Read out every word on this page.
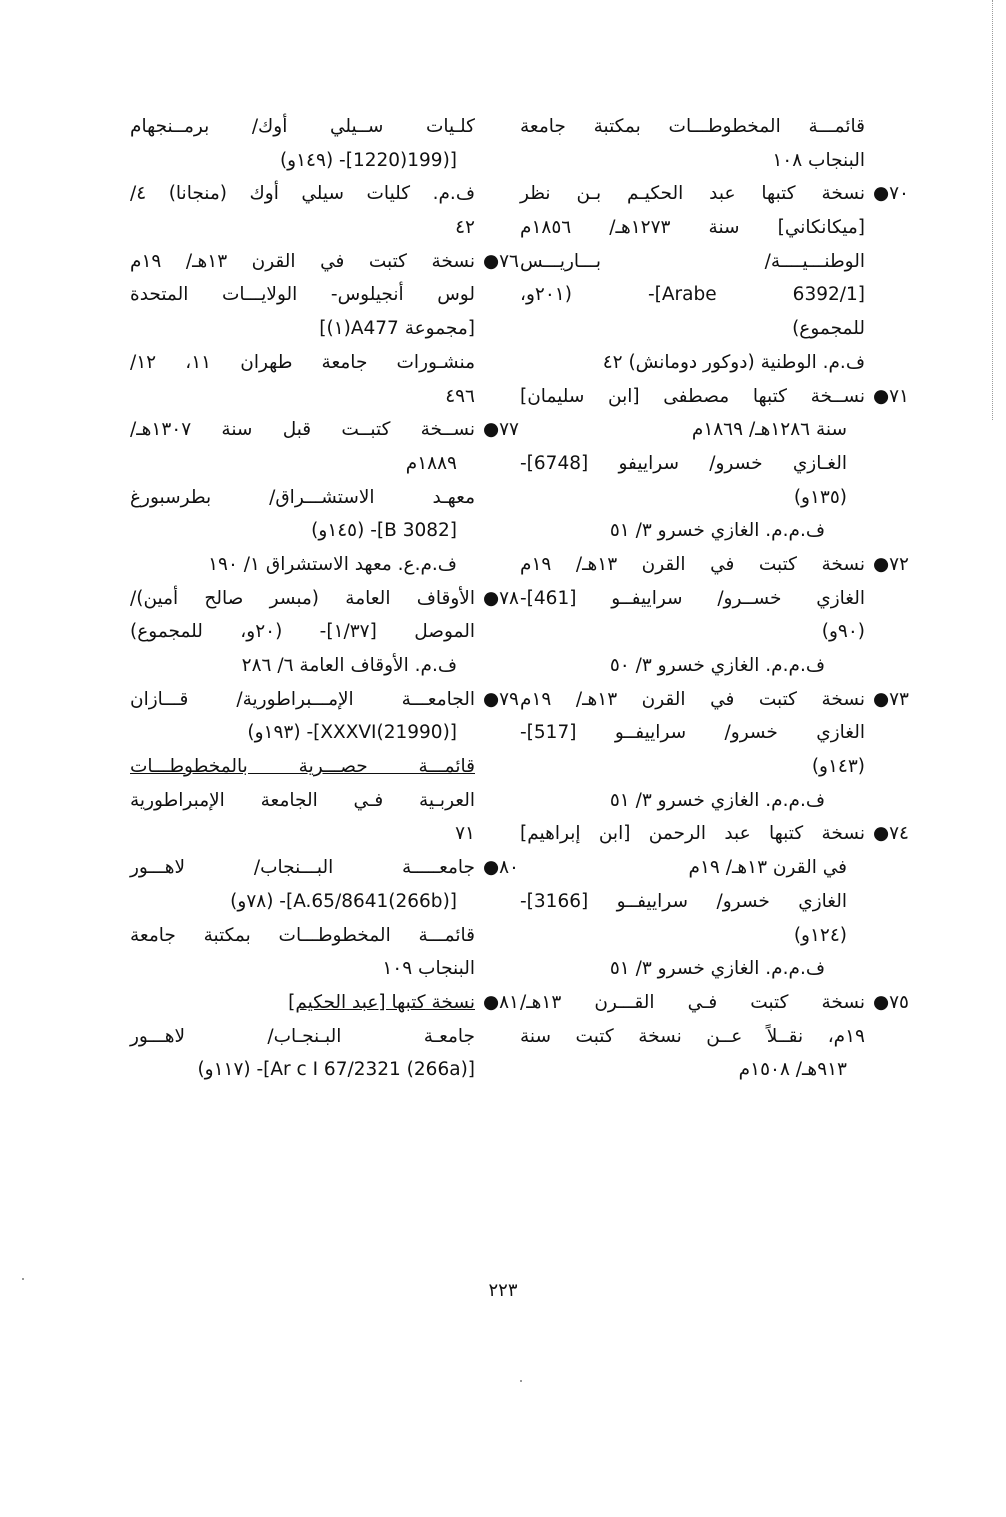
قائمـــة المخطوطـــات بمكتبة جامعة
البنجاب ١٠٨
٧٠●
نسخة كتبها عبد الحكيـم بـن نظر
[ميكانكاني] سنة ١٢٧٣هـ/ ١٨٥٦م
الوطنـــيــــة/ بـــاريـــس
[Arabe 6392/1]- (٢٠١و،
للمجموع)
ف.م. الوطنية (دوكور دومانش) ٤٢
٧١●
نســخة كتبها مصطفى [ابن سليمان]
سنة ١٢٨٦هـ/ ١٨٦٩م
الغـازي خسرو/ سراييفو [6748]-
(١٣٥و)
ف.م.م. الغازي خسرو ٣/ ٥١
٧٢●
نسخة كتبت في القرن ١٣هـ/ ١٩م
الغازي خســرو/ سراييفــو [461]-
(٩٠و)
ف.م.م. الغازي خسرو ٣/ ٥٠
٧٣●
نسخة كتبت في القرن ١٣هـ/ ١٩م
الغازي خسرو/ سراييفــو [517]-
(١٤٣و)
ف.م.م. الغازي خسرو ٣/ ٥١
٧٤●
نسخة كتبها عبد الرحمن [ابن إبراهيم]
في القرن ١٣هـ/ ١٩م
الغازي خسرو/ سراييفــو [3166]-
(١٢٤و)
ف.م.م. الغازي خسرو ٣/ ٥١
٧٥●
نسخة كتبت فـي القـــرن ١٣هـ/
١٩م، نقــلاً عــن نسخة كتبت سنة
٩١٣هـ/ ١٥٠٨م
كلـيات ســيلي أوك/ برمــنجهام
[(199(1220]- (١٤٩و)
ف.م. كليات سيلي أوك (منجانا) ٤/
٤٢
٧٦●
نسخة كتبت في القرن ١٣هـ/ ١٩م
لوس أنجيلوس- الولايـــات المتحدة
[مجموعة A477(١)]
منشـورات جامعة طهران ١١، ١٢/
٤٩٦
٧٧●
نســخة كتبــت قبل سنة ١٣٠٧هـ/
١٨٨٩م
معهـد الاستشـــراق/ بطرسبورغ
[B 3082]- (١٤٥و)
ف.م.ع. معهد الاستشراق ١/ ١٩٠
٧٨●
الأوقاف العامة (مبسر صالح أمين)/
الموصل [١/٣٧]- (٢٠و، للمجموع)
ف.م. الأوقاف العامة ٦/ ٢٨٦
٧٩●
الجامعـــة الإمـــبراطورية/ قـــازان
[(XXXVI(21990]- (١٩٣و)
قائمـــة حصـــرية بالمخطوطـــات
العربـية فـي الجامعة الإمبراطورية
٧١
٨٠●
جامعـــــة البـــنجاب/ لاهـــور
[(266b)A.65/8641]- (٧٨و)
قائمـــة المخطوطـــات بمكتبة جامعة
البنجاب ١٠٩
٨١●
نسخة كتبها [عبد الحكيم]
جامعـة البـنجـاب/ لاهـــور
[(266a) Ar c I 67/2321]- (١١٧و)
٢٢٣
